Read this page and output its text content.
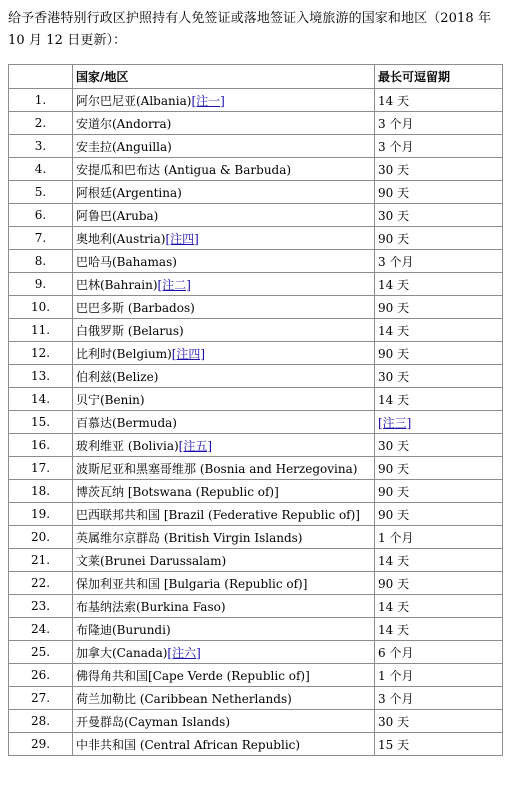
给予香港特别行政区护照持有人免签证或落地签证入境旅游的国家和地区（2018 年 10 月 12 日更新）：
	国家/地区	最长可逗留期
1.	阿尔巴尼亚(Albania)[注一]	14 天
2.	安道尔(Andorra)	3 个月
3.	安圭拉(Anguilla)	3 个月
4.	安提瓜和巴布达 (Antigua & Barbuda)	30 天
5.	阿根廷(Argentina)	90 天
6.	阿鲁巴(Aruba)	30 天
7.	奥地利(Austria)[注四]	90 天
8.	巴哈马(Bahamas)	3 个月
9.	巴林(Bahrain)[注二]	14 天
10.	巴巴多斯 (Barbados)	90 天
11.	白俄罗斯 (Belarus)	14 天
12.	比利时(Belgium)[注四]	90 天
13.	伯利兹(Belize)	30 天
14.	贝宁(Benin)	14 天
15.	百慕达(Bermuda)	[注三]
16.	玻利维亚 (Bolivia)[注五]	30 天
17.	波斯尼亚和黑塞哥维那 (Bosnia and Herzegovina)	90 天
18.	博茨瓦纳 [Botswana (Republic of)]	90 天
19.	巴西联邦共和国 [Brazil (Federative Republic of)]	90 天
20.	英属维尔京群岛 (British Virgin Islands)	1 个月
21.	文莱(Brunei Darussalam)	14 天
22.	保加利亚共和国 [Bulgaria (Republic of)]	90 天
23.	布基纳法索(Burkina Faso)	14 天
24.	布隆迪(Burundi)	14 天
25.	加拿大(Canada)[注六]	6 个月
26.	佛得角共和国[Cape Verde (Republic of)]	1 个月
27.	荷兰加勒比 (Caribbean Netherlands)	3 个月
28.	开曼群岛(Cayman Islands)	30 天
29.	中非共和国 (Central African Republic)	15 天
